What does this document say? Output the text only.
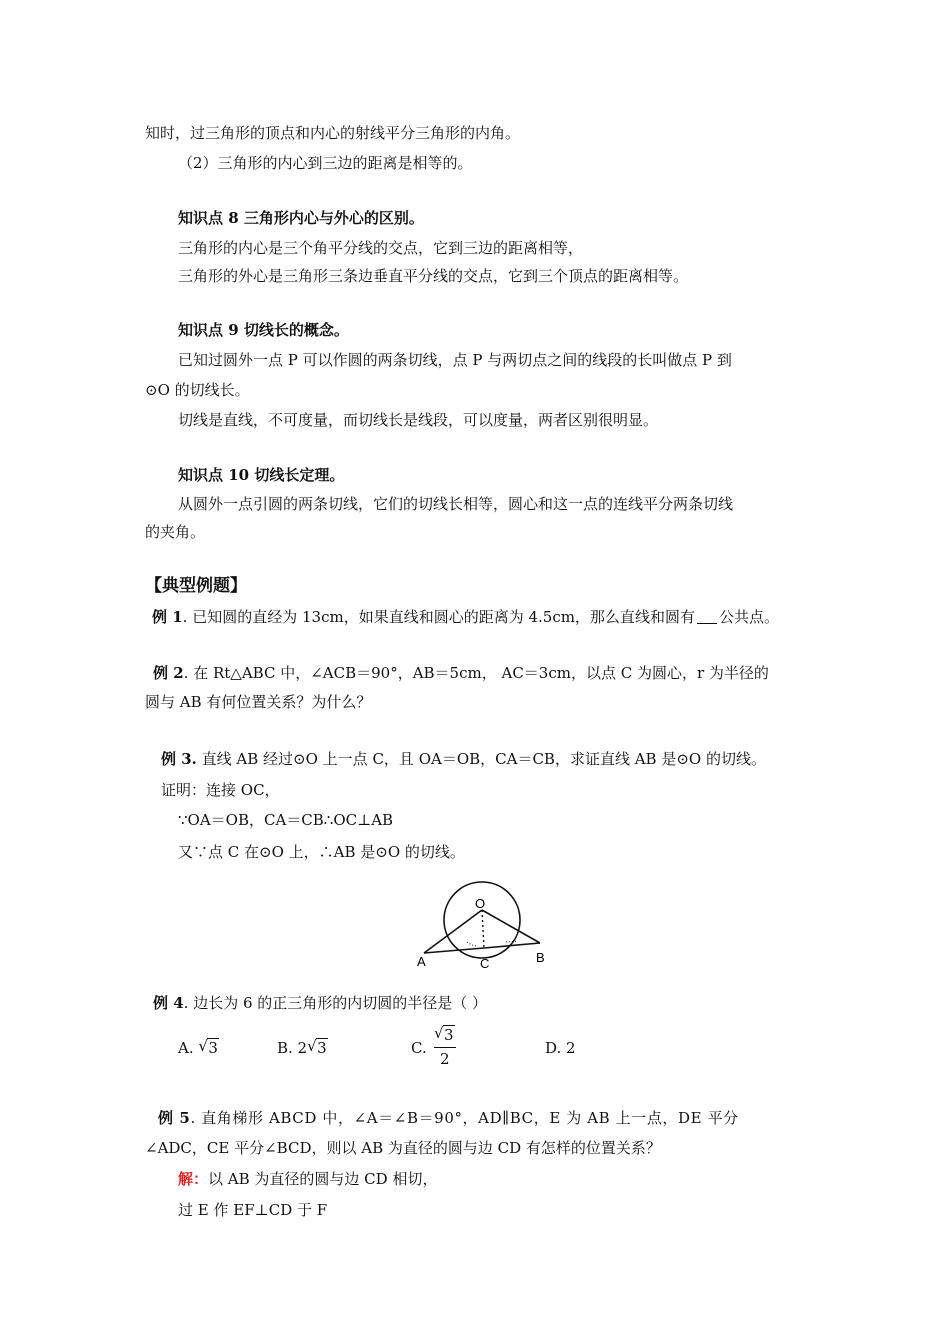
知时，过三角形的顶点和内心的射线平分三角形的内角。
（2）三角形的内心到三边的距离是相等的。
知识点 8 三角形内心与外心的区别。
三角形的内心是三个角平分线的交点，它到三边的距离相等，
三角形的外心是三角形三条边垂直平分线的交点，它到三个顶点的距离相等。
知识点 9 切线长的概念。
已知过圆外一点 P 可以作圆的两条切线，点 P 与两切点之间的线段的长叫做点 P 到
⊙O 的切线长。
切线是直线，不可度量，而切线长是线段，可以度量，两者区别很明显。
知识点 10 切线长定理。
从圆外一点引圆的两条切线，它们的切线长相等，圆心和这一点的连线平分两条切线
的夹角。
【典型例题】
例 1. 已知圆的直经为 13cm，如果直线和圆心的距离为 4.5cm，那么直线和圆有 公共点。
例 2. 在 Rt△ABC 中，∠ACB＝90°，AB＝5cm， AC＝3cm，以点 C 为圆心，r 为半径的
圆与 AB 有何位置关系？为什么？
例 3. 直线 AB 经过⊙O 上一点 C，且 OA＝OB，CA＝CB，求证直线 AB 是⊙O 的切线。
证明：连接 OC，
∵OA＝OB，CA＝CB∴OC⊥AB
又∵点 C 在⊙O 上，∴AB 是⊙O 的切线。
O
A	C	B
例 4. 边长为 6 的正三角形的内切圆的半径是（ ）
A. √ 3	B. 2 √ 3	C.
√ 3
2
D. 2
例 5. 直角梯形 ABCD 中，∠A＝∠B＝90°，AD∥BC，E 为 AB 上一点，DE 平分
∠ADC，CE 平分∠BCD，则以 AB 为直径的圆与边 CD 有怎样的位置关系？
解：以 AB 为直径的圆与边 CD 相切，
过 E 作 EF⊥CD 于 F
